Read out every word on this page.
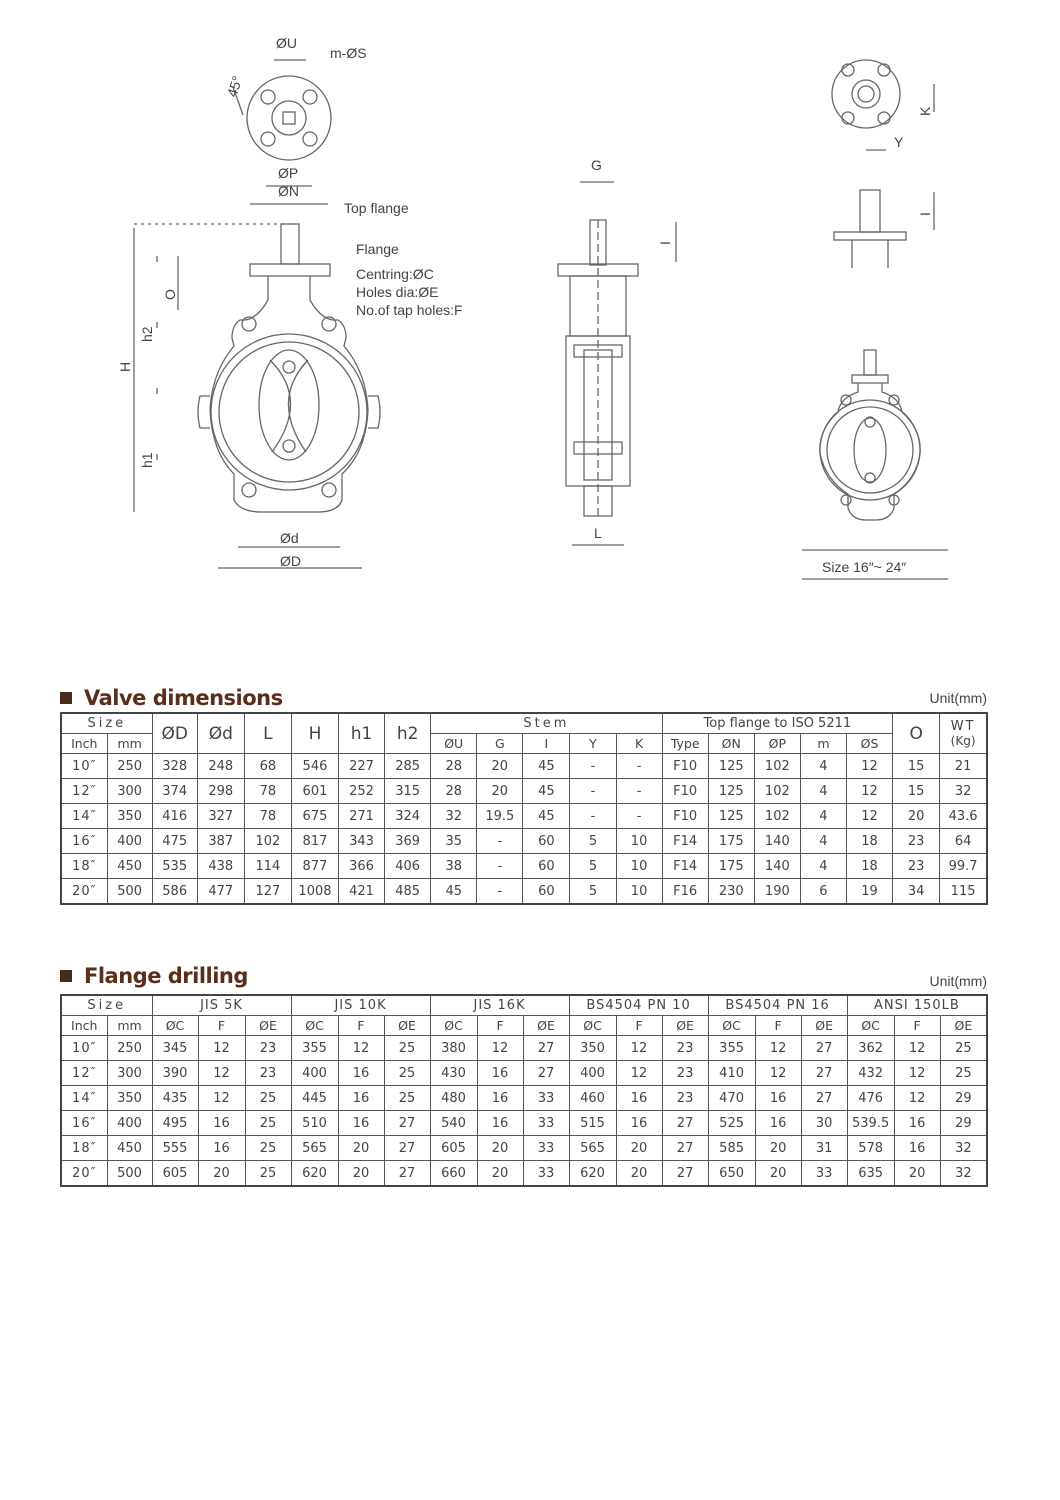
ØU
m-ØS
45°
ØP
ØN
Top flange
Flange
Centring:ØC
Holes dia:ØE
No.of tap holes:F
O
h2
H
h1
Ød
ØD
G
I
L
K
Y
I
Size 16″~ 24″
Valve dimensions	Unit(mm)
Size		ØD	Ød	L	H	h1	h2	Stem					Top flange to ISO 5211					O	WT
(Kg)

Inch	mm							ØU	G	I	Y	K	Type	ØN	ØP	m	ØS		
10″	250	328	248	68	546	227	285	28	20	45	-	-	F10	125	102	4	12	15	21
12″	300	374	298	78	601	252	315	28	20	45	-	-	F10	125	102	4	12	15	32
14″	350	416	327	78	675	271	324	32	19.5	45	-	-	F10	125	102	4	12	20	43.6
16″	400	475	387	102	817	343	369	35	-	60	5	10	F14	175	140	4	18	23	64
18″	450	535	438	114	877	366	406	38	-	60	5	10	F14	175	140	4	18	23	99.7
20″	500	586	477	127	1008	421	485	45	-	60	5	10	F16	230	190	6	19	34	115
Flange drilling	Unit(mm)
Size		JIS 5K			JIS 10K			JIS 16K			BS4504 PN 10			BS4504 PN 16			ANSI 150LB		
Inch	mm	ØC	F	ØE	ØC	F	ØE	ØC	F	ØE	ØC	F	ØE	ØC	F	ØE	ØC	F	ØE
10″	250	345	12	23	355	12	25	380	12	27	350	12	23	355	12	27	362	12	25
12″	300	390	12	23	400	16	25	430	16	27	400	12	23	410	12	27	432	12	25
14″	350	435	12	25	445	16	25	480	16	33	460	16	23	470	16	27	476	12	29
16″	400	495	16	25	510	16	27	540	16	33	515	16	27	525	16	30	539.5	16	29
18″	450	555	16	25	565	20	27	605	20	33	565	20	27	585	20	31	578	16	32
20″	500	605	20	25	620	20	27	660	20	33	620	20	27	650	20	33	635	20	32
